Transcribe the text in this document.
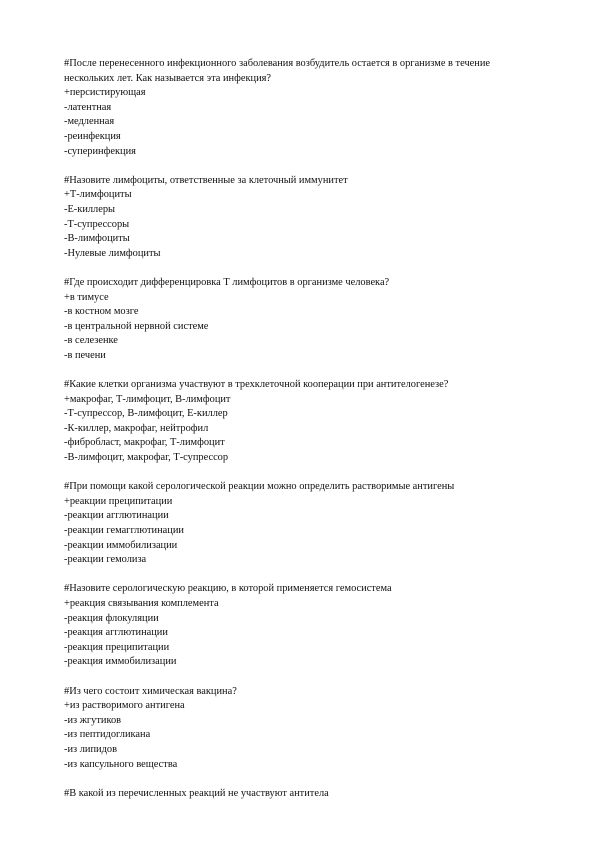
#После перенесенного инфекционного заболевания возбудитель остается в организме в течение нескольких лет. Как называется эта инфекция?
+персистирующая
-латентная
-медленная
-реинфекция
-суперинфекция
#Назовите лимфоциты, ответственные за клеточный иммунитет
+Т-лимфоциты
-Е-киллеры
-Т-супрессоры
-В-лимфоциты
-Нулевые лимфоциты
#Где происходит дифференцировка Т лимфоцитов в организме человека?
+в тимусе
-в костном мозге
-в центральной нервной системе
-в селезенке
-в печени
#Какие клетки организма участвуют в трехклеточной кооперации при антителогенезе?
+макрофаг, Т-лимфоцит, В-лимфоцит
-Т-супрессор, В-лимфоцит, Е-киллер
-К-киллер, макрофаг, нейтрофил
-фибробласт, макрофаг, Т-лимфоцит
-В-лимфоцит, макрофаг, Т-супрессор
#При помощи какой серологической реакции можно определить растворимые антигены
+реакции преципитации
-реакции агглютинации
-реакции гемагглютинации
-реакции иммобилизации
-реакции гемолиза
#Назовите серологическую реакцию, в которой применяется гемосистема
+реакция связывания комплемента
-реакция флокуляции
-реакция агглютинации
-реакция преципитации
-реакция иммобилизации
#Из чего состоит химическая вакцина?
+из растворимого антигена
-из жгутиков
-из пептидогликана
-из липидов
-из капсульного вещества
#В какой из перечисленных реакций не участвуют антитела
